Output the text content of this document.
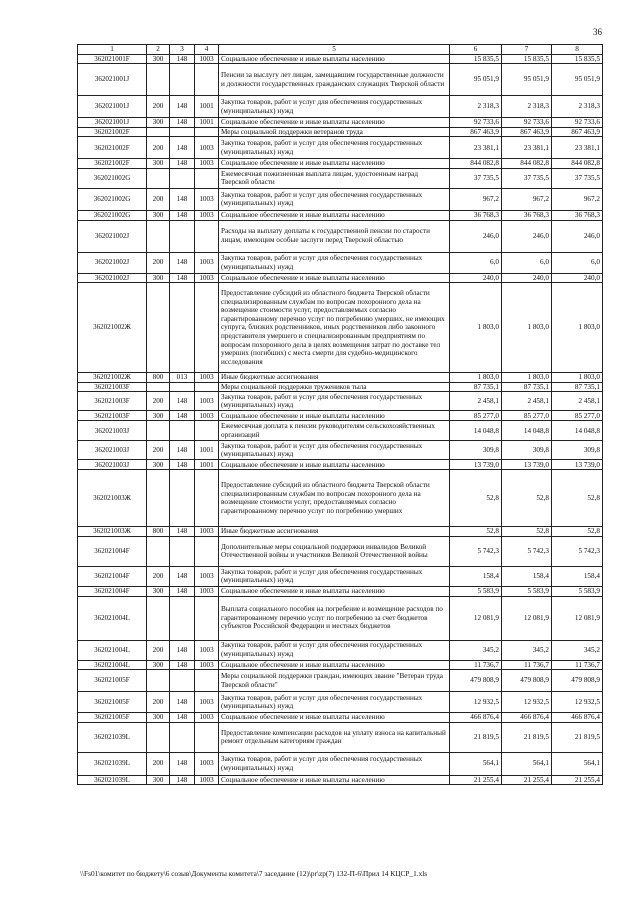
36
1	2	3	4	5	6	7	8
362021001F	300	148	1003	Социальное обеспечение и иные выплаты населению	15 835,5	15 835,5	15 835,5
362021001J				Пенсии за выслугу лет лицам, замещавшим государственные должности и должности государственных гражданских служащих Тверской области	95 051,9	95 051,9	95 051,9
362021001J	200	148	1001	Закупка товаров, работ и услуг для обеспечения государственных (муниципальных) нужд	2 318,3	2 318,3	2 318,3
362021001J	300	148	1001	Социальное обеспечение и иные выплаты населению	92 733,6	92 733,6	92 733,6
362021002F				Меры социальной поддержки ветеранов труда	867 463,9	867 463,9	867 463,9
362021002F	200	148	1003	Закупка товаров, работ и услуг для обеспечения государственных (муниципальных) нужд	23 381,1	23 381,1	23 381,1
362021002F	300	148	1003	Социальное обеспечение и иные выплаты населению	844 082,8	844 082,8	844 082,8
362021002G				Ежемесячная пожизненная выплата лицам, удостоенным наград Тверской области	37 735,5	37 735,5	37 735,5
362021002G	200	148	1003	Закупка товаров, работ и услуг для обеспечения государственных (муниципальных) нужд	967,2	967,2	967,2
362021002G	300	148	1003	Социальное обеспечение и иные выплаты населению	36 768,3	36 768,3	36 768,3
362021002J				Расходы на выплату доплаты к государственной пенсии по старости лицам, имеющим особые заслуги перед Тверской областью	246,0	246,0	246,0
362021002J	200	148	1003	Закупка товаров, работ и услуг для обеспечения государственных (муниципальных) нужд	6,0	6,0	6,0
362021002J	300	148	1003	Социальное обеспечение и иные выплаты населению	240,0	240,0	240,0
362021002Ж				Предоставление субсидий из областного бюджета Тверской области специализированным службам по вопросам похоронного дела на возмещение стоимости услуг, предоставляемых согласно гарантированному перечню услуг по погребению умерших, не имеющих супруга, близких родственников, иных родственников либо законного представителя умершего и специализированным предприятиям по вопросам похоронного дела в целях возмещения затрат по доставке тел умерших (погибших) с места смерти для судебно-медицинского исследования	1 803,0	1 803,0	1 803,0
362021002Ж	800	013	1003	Иные бюджетные ассигнования	1 803,0	1 803,0	1 803,0
362021003F				Меры социальной поддержки тружеников тыла	87 735,1	87 735,1	87 735,1
362021003F	200	148	1003	Закупка товаров, работ и услуг для обеспечения государственных (муниципальных) нужд	2 458,1	2 458,1	2 458,1
362021003F	300	148	1003	Социальное обеспечение и иные выплаты населению	85 277,0	85 277,0	85 277,0
362021003J				Ежемесячная доплата к пенсии руководителям сельскохозяйственных организаций	14 048,8	14 048,8	14 048,8
362021003J	200	148	1001	Закупка товаров, работ и услуг для обеспечения государственных (муниципальных) нужд	309,8	309,8	309,8
362021003J	300	148	1001	Социальное обеспечение и иные выплаты населению	13 739,0	13 739,0	13 739,0
362021003Ж				Предоставление субсидий из областного бюджета Тверской области специализированным службам по вопросам похоронного дела на возмещение стоимости услуг, предоставляемых согласно гарантированному перечню услуг по погребению умерших	52,8	52,8	52,8
362021003Ж	800	148	1003	Иные бюджетные ассигнования	52,8	52,8	52,8
362021004F				Дополнительные меры социальной поддержки инвалидов Великой Отечественной войны и участников Великой Отечественной войны	5 742,3	5 742,3	5 742,3
362021004F	200	148	1003	Закупка товаров, работ и услуг для обеспечения государственных (муниципальных) нужд	158,4	158,4	158,4
362021004F	300	148	1003	Социальное обеспечение и иные выплаты населению	5 583,9	5 583,9	5 583,9
362021004L				Выплата социального пособия на погребение и возмещение расходов по гарантированному перечню услуг по погребению за счет бюджетов субъектов Российской Федерации и местных бюджетов	12 081,9	12 081,9	12 081,9
362021004L	200	148	1003	Закупка товаров, работ и услуг для обеспечения государственных (муниципальных) нужд	345,2	345,2	345,2
362021004L	300	148	1003	Социальное обеспечение и иные выплаты населению	11 736,7	11 736,7	11 736,7
362021005F				Меры социальной поддержки граждан, имеющих звание "Ветеран труда Тверской области"	479 808,9	479 808,9	479 808,9
362021005F	200	148	1003	Закупка товаров, работ и услуг для обеспечения государственных (муниципальных) нужд	12 932,5	12 932,5	12 932,5
362021005F	300	148	1003	Социальное обеспечение и иные выплаты населению	466 876,4	466 876,4	466 876,4
362021039L				Предоставление компенсации расходов на уплату взноса на капитальный ремонт отдельным категориям граждан	21 819,5	21 819,5	21 819,5
362021039L	200	148	1003	Закупка товаров, работ и услуг для обеспечения государственных (муниципальных) нужд	564,1	564,1	564,1
362021039L	300	148	1003	Социальное обеспечение и иные выплаты населению	21 255,4	21 255,4	21 255,4
\\Fs01\комитет по бюджету\6 созыв\Документы комитета\7 заседание (12)\pr\zp(7) 132-П-6\Прил 14 КЦСР_1.xls
